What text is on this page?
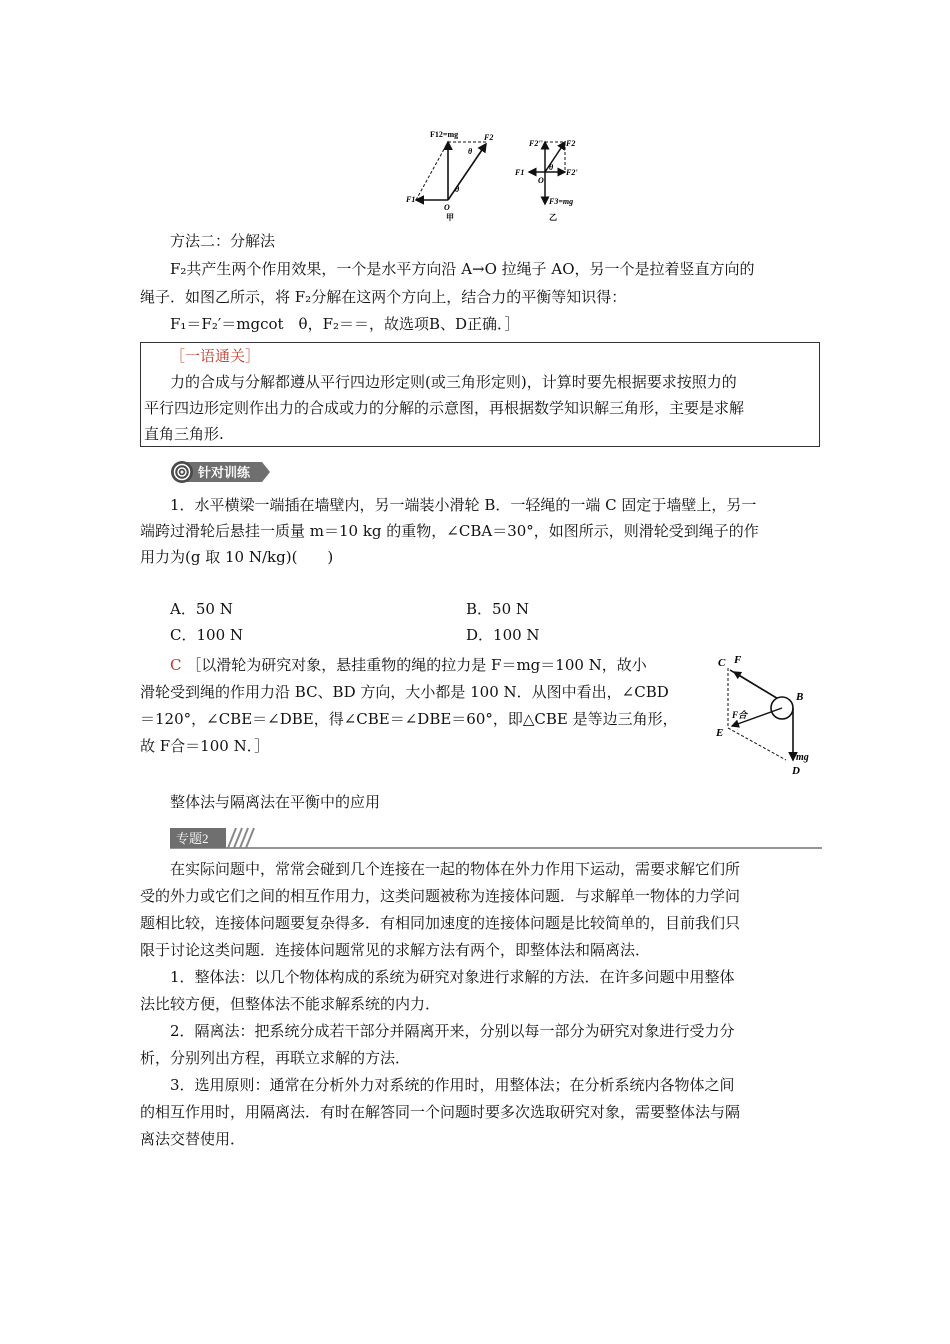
F12=mg	F2
θ
θ
F1
O
甲
F2''	F2
F1
θ
O
F2'
F3=mg
乙
方法二：分解法
F₂共产生两个作用效果，一个是水平方向沿 A→O 拉绳子 AO，另一个是拉着竖直方向的
绳子．如图乙所示，将 F₂分解在这两个方向上，结合力的平衡等知识得：
F₁＝F₂′＝mgcot　θ，F₂＝＝，故选项B、D正确．］
［一语通关］
力的合成与分解都遵从平行四边形定则(或三角形定则)，计算时要先根据要求按照力的
平行四边形定则作出力的合成或力的分解的示意图，再根据数学知识解三角形，主要是求解
直角三角形.
针对训练
1．水平横梁一端插在墙壁内，另一端装小滑轮 B．一轻绳的一端 C 固定于墙壁上，另一
端跨过滑轮后悬挂一质量 m＝10 kg 的重物，∠CBA＝30°，如图所示，则滑轮受到绳子的作
用力为(g 取 10 N/kg)(　　)
A．50 N	B．50 N
C．100 N	D．100 N
C ［以滑轮为研究对象，悬挂重物的绳的拉力是 F＝mg＝100 N，故小
滑轮受到绳的作用力沿 BC、BD 方向，大小都是 100 N．从图中看出，∠CBD
＝120°，∠CBE＝∠DBE，得∠CBE＝∠DBE＝60°，即△CBE 是等边三角形，
故 F合＝100 N．］
C F
B
F合
E
mg
D
整体法与隔离法在平衡中的应用
专题2
在实际问题中，常常会碰到几个连接在一起的物体在外力作用下运动，需要求解它们所
受的外力或它们之间的相互作用力，这类问题被称为连接体问题．与求解单一物体的力学问
题相比较，连接体问题要复杂得多．有相同加速度的连接体问题是比较简单的，目前我们只
限于讨论这类问题．连接体问题常见的求解方法有两个，即整体法和隔离法．
1．整体法：以几个物体构成的系统为研究对象进行求解的方法．在许多问题中用整体
法比较方便，但整体法不能求解系统的内力．
2．隔离法：把系统分成若干部分并隔离开来，分别以每一部分为研究对象进行受力分
析，分别列出方程，再联立求解的方法．
3．选用原则：通常在分析外力对系统的作用时，用整体法；在分析系统内各物体之间
的相互作用时，用隔离法．有时在解答同一个问题时要多次选取研究对象，需要整体法与隔
离法交替使用．
